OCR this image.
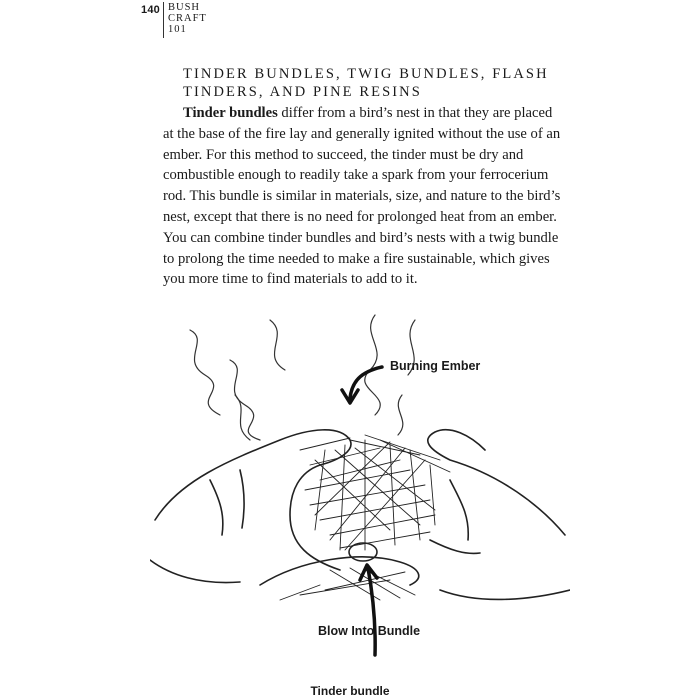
140 BUSH
CRAFT
101
TINDER BUNDLES, TWIG BUNDLES, FLASH
TINDERS, AND PINE RESINS

Tinder bundles differ from a bird’s nest in that they are placed at the base of the fire lay and generally ignited without the use of an ember. For this method to succeed, the tinder must be dry and combustible enough to readily take a spark from your ferrocerium rod. This bundle is similar in materials, size, and nature to the bird’s nest, except that there is no need for prolonged heat from an ember. You can combine tinder bundles and bird’s nests with a twig bundle to prolong the time needed to make a fire sustainable, which gives you more time to find materials to add to it.

Burning Ember
Blow Into Bundle
Tinder bundle
